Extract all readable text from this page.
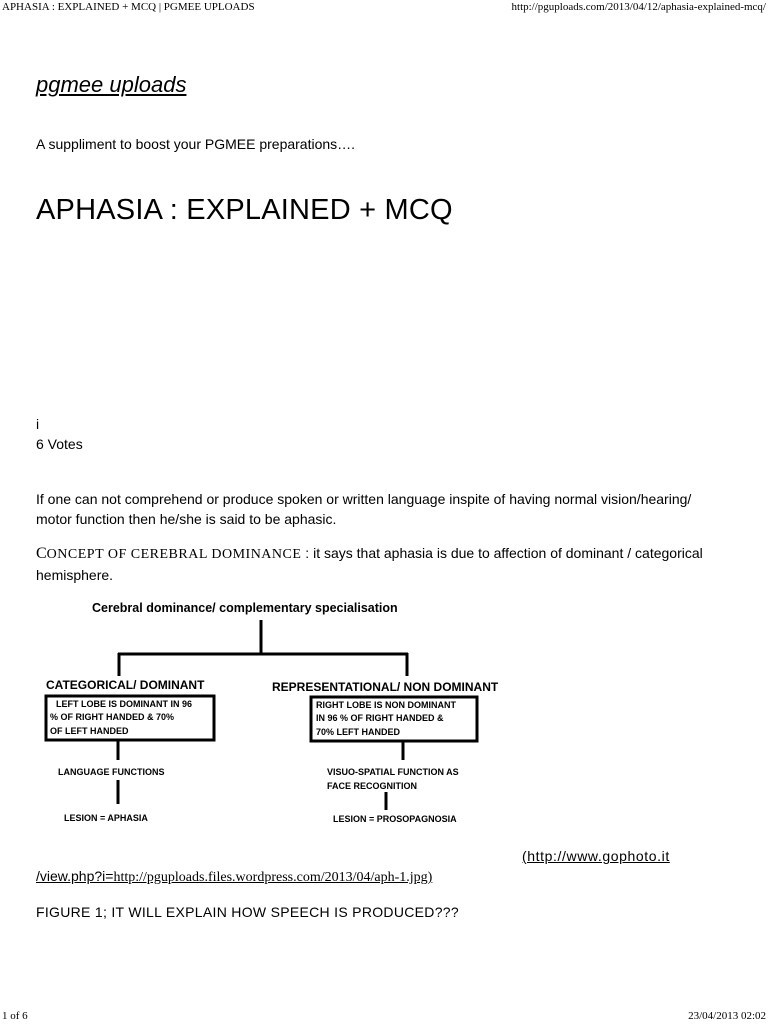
APHASIA : EXPLAINED + MCQ | PGMEE UPLOADS	http://pguploads.com/2013/04/12/aphasia-explained-mcq/
pgmee uploads
A suppliment to boost your PGMEE preparations….
APHASIA : EXPLAINED + MCQ
i
6 Votes
If one can not comprehend or produce spoken or written language inspite of having normal vision/hearing/ motor function then he/she is said to be aphasic.
CONCEPT OF CEREBRAL DOMINANCE : it says that aphasia is due to affection of dominant / categorical hemisphere.
Cerebral dominance/ complementary specialisation
CATEGORICAL/ DOMINANT
LEFT LOBE IS DOMINANT IN 96
% OF RIGHT HANDED & 70%
OF LEFT HANDED
LANGUAGE FUNCTIONS
LESION = APHASIA
REPRESENTATIONAL/ NON DOMINANT
RIGHT LOBE IS NON DOMINANT
IN 96 % OF RIGHT HANDED &
70% LEFT HANDED
VISUO-SPATIAL FUNCTION AS
FACE RECOGNITION
LESION = PROSOPAGNOSIA
(http://www.gophoto.it
/view.php?i=http://pguploads.files.wordpress.com/2013/04/aph-1.jpg)
FIGURE 1; IT WILL EXPLAIN HOW SPEECH IS PRODUCED???
1 of 6	23/04/2013 02:02
